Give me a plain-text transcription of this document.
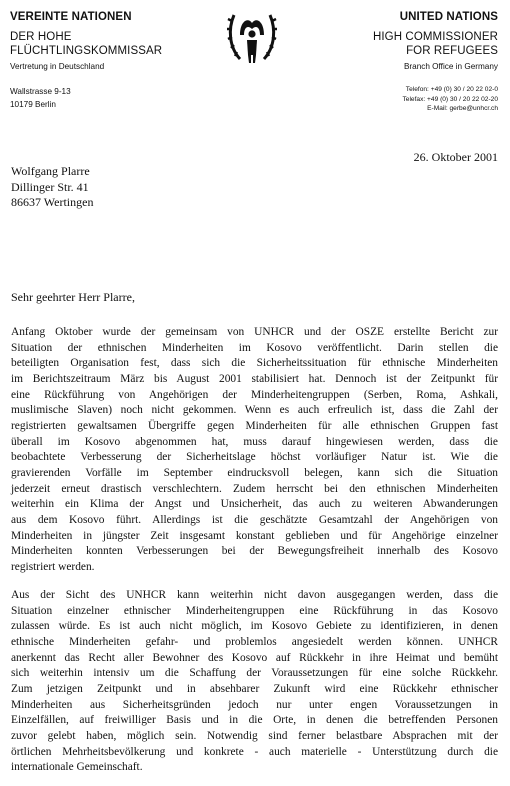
VEREINTE NATIONEN
DER HOHE
FLÜCHTLINGSKOMMISSAR
Vertretung in Deutschland
Wallstrasse 9-13
10179 Berlin
UNITED NATIONS
HIGH COMMISSIONER
FOR REFUGEES
Branch Office in Germany
Telefon: +49 (0) 30 / 20 22 02-0
Telefax: +49 (0) 30 / 20 22 02-20
E-Mail: gerbe@unhcr.ch
26. Oktober 2001
Wolfgang Plarre
Dillinger Str. 41
86637 Wertingen
Sehr geehrter Herr Plarre,
Anfang Oktober wurde der gemeinsam von UNHCR und der OSZE erstellte Bericht zur
Situation der ethnischen Minderheiten im Kosovo veröffentlicht. Darin stellen die
beteiligten Organisation fest, dass sich die Sicherheitssituation für ethnische Minderheiten
im Berichtszeitraum März bis August 2001 stabilisiert hat. Dennoch ist der Zeitpunkt für
eine Rückführung von Angehörigen der Minderheitengruppen (Serben, Roma, Ashkali,
muslimische Slaven) noch nicht gekommen. Wenn es auch erfreulich ist, dass die Zahl der
registrierten gewaltsamen Übergriffe gegen Minderheiten für alle ethnischen Gruppen fast
überall im Kosovo abgenommen hat, muss darauf hingewiesen werden, dass die
beobachtete Verbesserung der Sicherheitslage höchst vorläufiger Natur ist. Wie die
gravierenden Vorfälle im September eindrucksvoll belegen, kann sich die Situation
jederzeit erneut drastisch verschlechtern. Zudem herrscht bei den ethnischen Minderheiten
weiterhin ein Klima der Angst und Unsicherheit, das auch zu weiteren Abwanderungen
aus dem Kosovo führt. Allerdings ist die geschätzte Gesamtzahl der Angehörigen von
Minderheiten in jüngster Zeit insgesamt konstant geblieben und für Angehörige einzelner
Minderheiten konnten Verbesserungen bei der Bewegungsfreiheit innerhalb des Kosovo
registriert werden.
Aus der Sicht des UNHCR kann weiterhin nicht davon ausgegangen werden, dass die
Situation einzelner ethnischer Minderheitengruppen eine Rückführung in das Kosovo
zulassen würde. Es ist auch nicht möglich, im Kosovo Gebiete zu identifizieren, in denen
ethnische Minderheiten gefahr- und problemlos angesiedelt werden können. UNHCR
anerkennt das Recht aller Bewohner des Kosovo auf Rückkehr in ihre Heimat und bemüht
sich weiterhin intensiv um die Schaffung der Voraussetzungen für eine solche Rückkehr.
Zum jetzigen Zeitpunkt und in absehbarer Zukunft wird eine Rückkehr ethnischer
Minderheiten aus Sicherheitsgründen jedoch nur unter engen Voraussetzungen in
Einzelfällen, auf freiwilliger Basis und in die Orte, in denen die betreffenden Personen
zuvor gelebt haben, möglich sein. Notwendig sind ferner belastbare Absprachen mit der
örtlichen Mehrheitsbevölkerung und konkrete - auch materielle - Unterstützung durch die
internationale Gemeinschaft.
